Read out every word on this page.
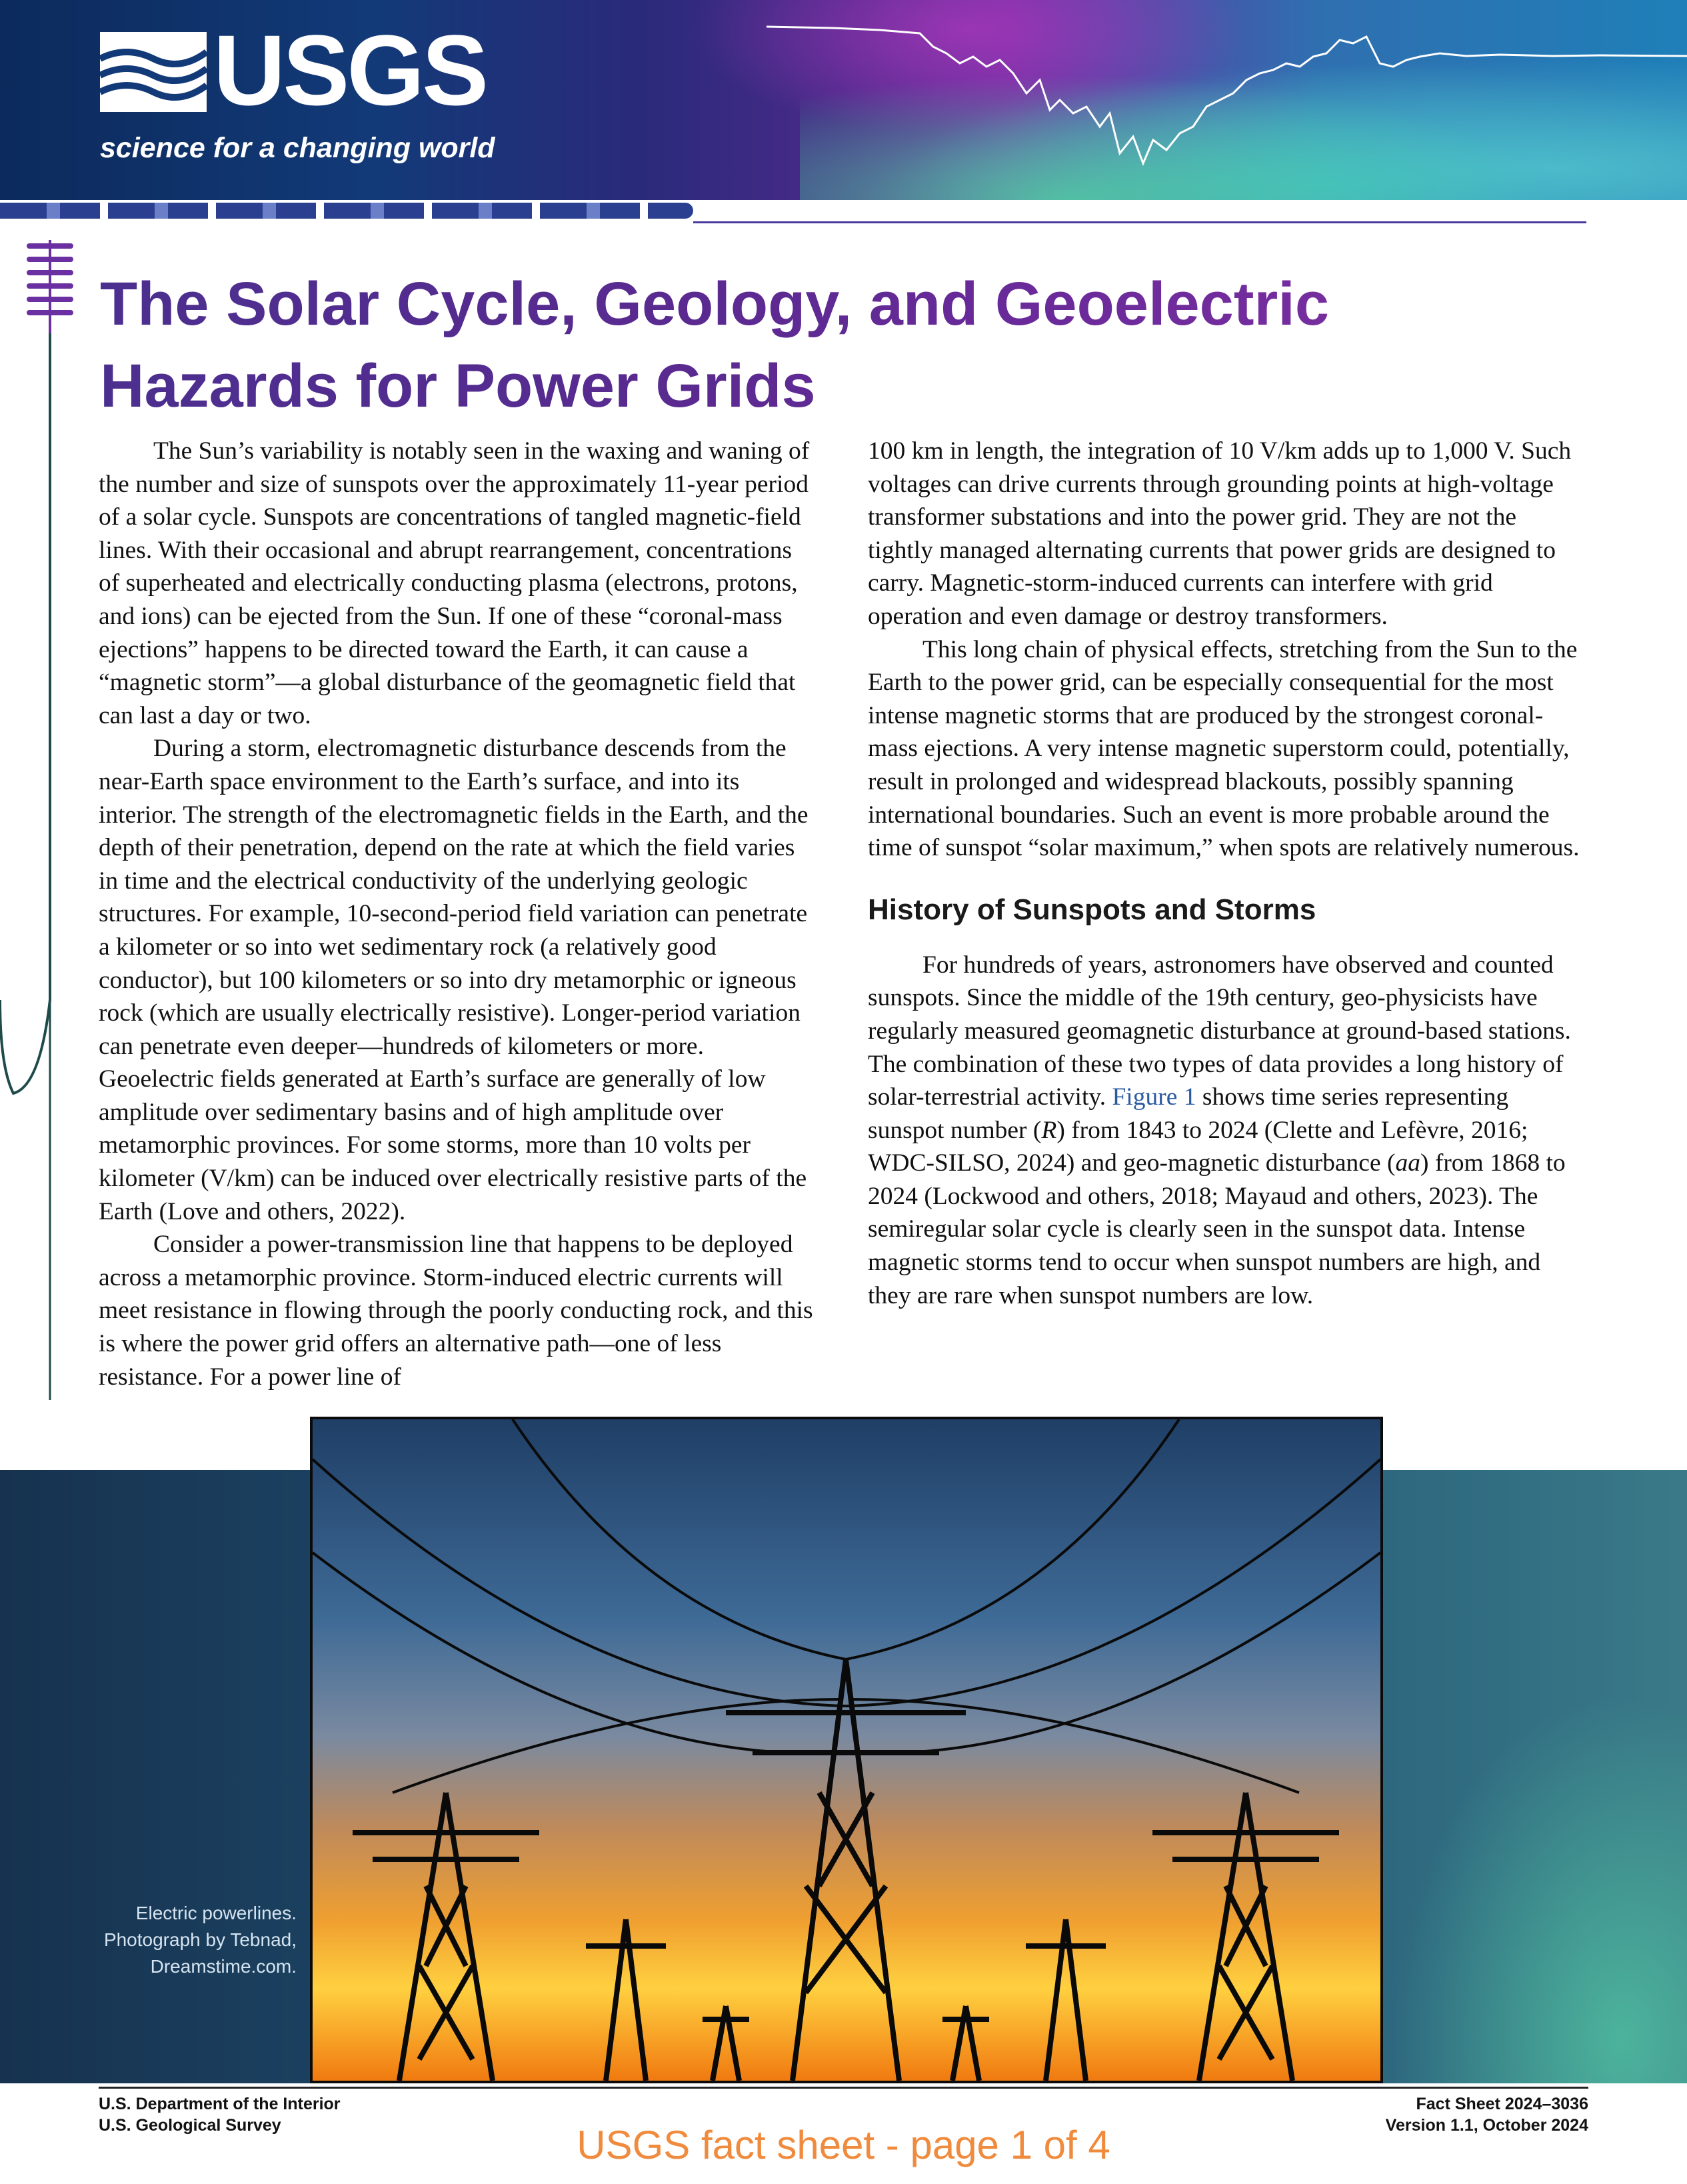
USGS
science for a changing world
The Solar Cycle, Geology, and Geoelectric
Hazards for Power Grids

The Sun’s variability is notably seen in the waxing and waning of the number and size of sunspots over the approximately 11-year period of a solar cycle. Sunspots are concentrations of tangled magnetic-field lines. With their occasional and abrupt rearrangement, concentrations of superheated and electrically conducting plasma (electrons, protons, and ions) can be ejected from the Sun. If one of these “coronal-mass ejections” happens to be directed toward the Earth, it can cause a “magnetic storm”—a global disturbance of the geomagnetic field that can last a day or two.

During a storm, electromagnetic disturbance descends from the near-Earth space environment to the Earth’s surface, and into its interior. The strength of the electromagnetic fields in the Earth, and the depth of their penetration, depend on the rate at which the field varies in time and the electrical conductivity of the underlying geologic structures. For example, 10-second-period field variation can penetrate a kilometer or so into wet sedimentary rock (a relatively good conductor), but 100 kilometers or so into dry metamorphic or igneous rock (which are usually electrically resistive). Longer-period variation can penetrate even deeper—hundreds of kilometers or more. Geoelectric fields generated at Earth’s surface are generally of low amplitude over sedimentary basins and of high amplitude over metamorphic provinces. For some storms, more than 10 volts per kilometer (V/km) can be induced over electrically resistive parts of the Earth (Love and others, 2022).

Consider a power-transmission line that happens to be deployed across a metamorphic province. Storm-induced electric currents will meet resistance in flowing through the poorly conducting rock, and this is where the power grid offers an alternative path—one of less resistance. For a power line of

100 km in length, the integration of 10 V/km adds up to 1,000 V. Such voltages can drive currents through grounding points at high-voltage transformer substations and into the power grid. They are not the tightly managed alternating currents that power grids are designed to carry. Magnetic-storm-induced currents can interfere with grid operation and even damage or destroy transformers.

This long chain of physical effects, stretching from the Sun to the Earth to the power grid, can be especially consequential for the most intense magnetic storms that are produced by the strongest coronal-mass ejections. A very intense magnetic superstorm could, potentially, result in prolonged and widespread blackouts, possibly spanning international boundaries. Such an event is more probable around the time of sunspot “solar maximum,” when spots are relatively numerous.

History of Sunspots and Storms

For hundreds of years, astronomers have observed and counted sunspots. Since the middle of the 19th century, geo-physicists have regularly measured geomagnetic disturbance at ground-based stations. The combination of these two types of data provides a long history of solar-terrestrial activity. Figure 1 shows time series representing sunspot number (R) from 1843 to 2024 (Clette and Lefèvre, 2016; WDC-SILSO, 2024) and geo-magnetic disturbance (aa) from 1868 to 2024 (Lockwood and others, 2018; Mayaud and others, 2023). The semiregular solar cycle is clearly seen in the sunspot data. Intense magnetic storms tend to occur when sunspot numbers are high, and they are rare when sunspot numbers are low.

Electric powerlines.
Photograph by Tebnad,
Dreamstime.com.
U.S. Department of the Interior
U.S. Geological Survey
Fact Sheet 2024–3036
Version 1.1, October 2024
USGS fact sheet - page 1 of 4
